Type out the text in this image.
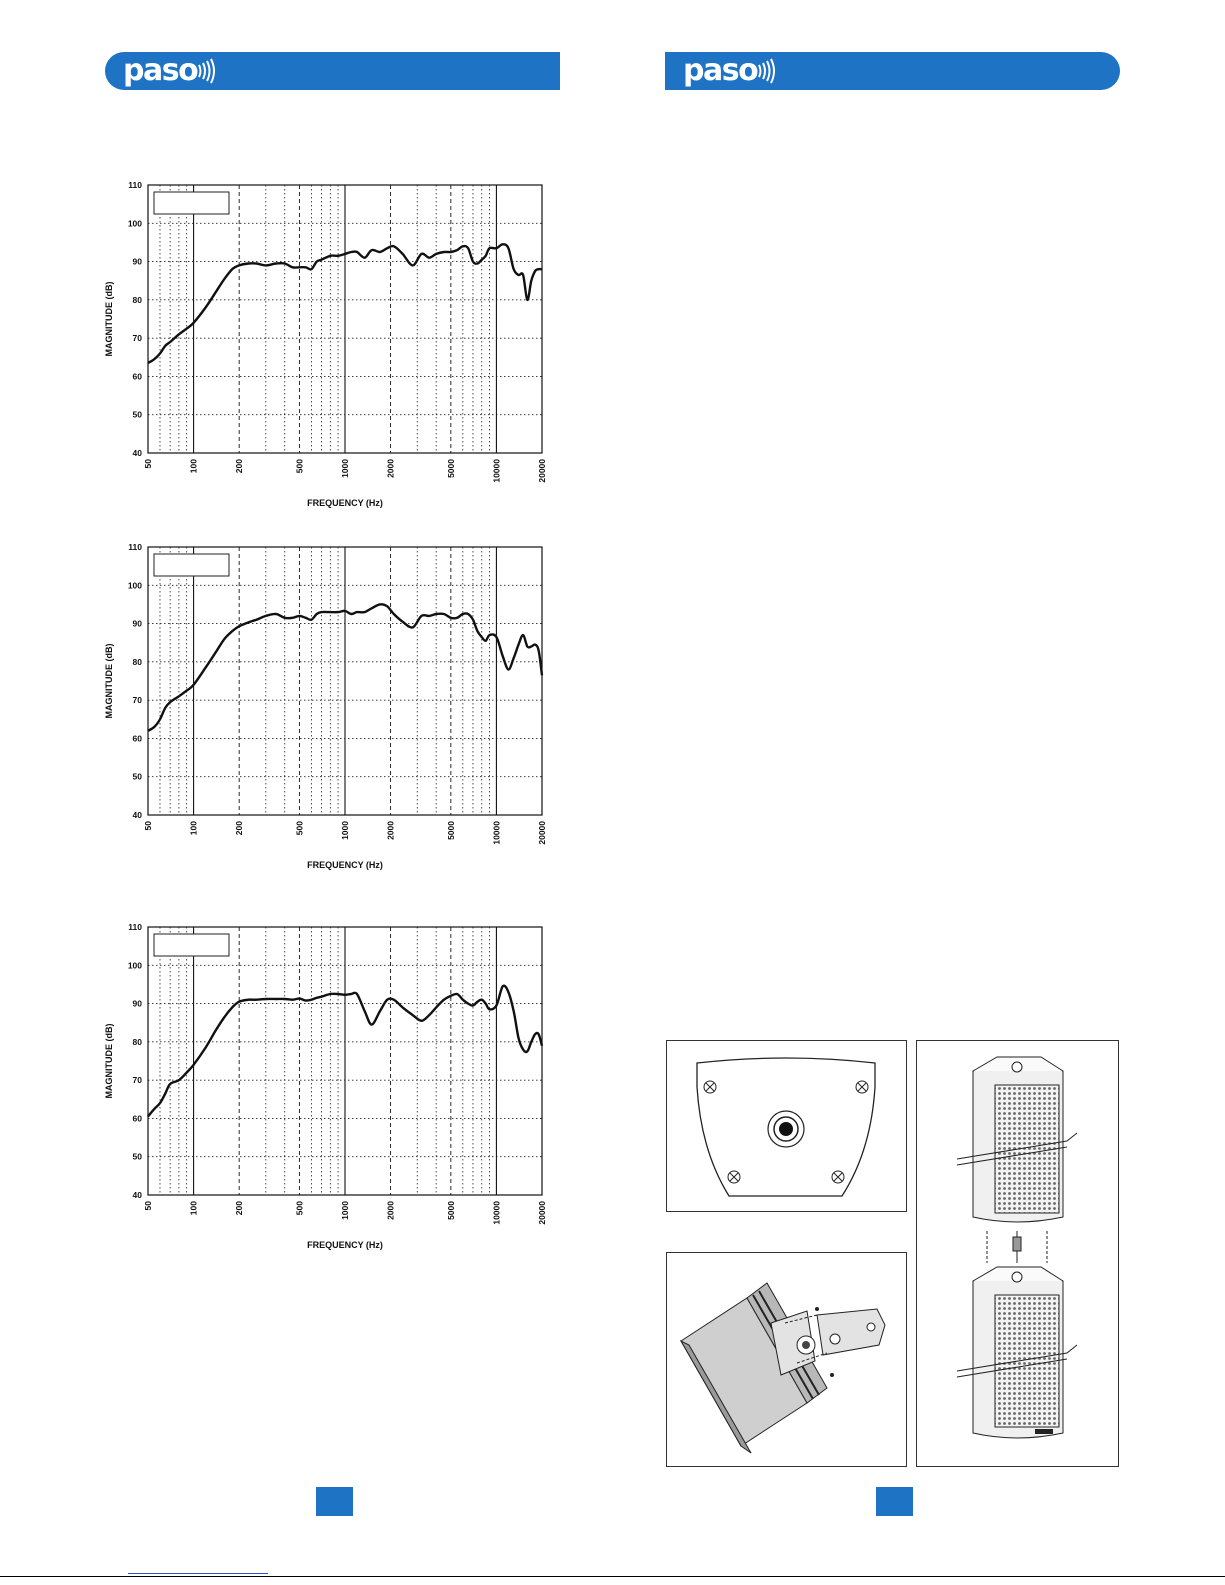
paso	paso
110
100
90
80
70
60
50
40
50	100	200	500	1000	2000	5000	10000	20000
FREQUENCY (Hz)
MAGNITUDE (dB)
110
100
90
80
70
60
50
40
50	100	200	500	1000	2000	5000	10000	20000
FREQUENCY (Hz)
MAGNITUDE (dB)
110
100
90
80
70
60
50
40
50	100	200	500	1000	2000	5000	10000	20000
FREQUENCY (Hz)
MAGNITUDE (dB)
